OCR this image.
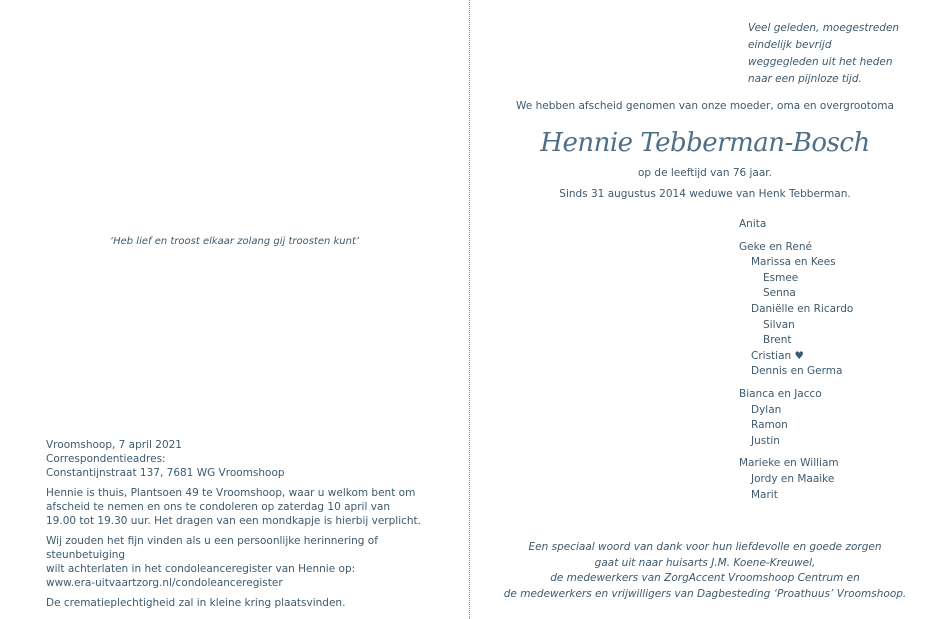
‘Heb lief en troost elkaar zolang gij troosten kunt’

Vroomshoop, 7 april 2021
Correspondentieadres:
Constantijnstraat 137, 7681 WG Vroomshoop

Hennie is thuis, Plantsoen 49 te Vroomshoop, waar u welkom bent om
afscheid te nemen en ons te condoleren op zaterdag 10 april van
19.00 tot 19.30 uur. Het dragen van een mondkapje is hierbij verplicht.

Wij zouden het fijn vinden als u een persoonlijke herinnering of steunbetuiging
wilt achterlaten in het condoleanceregister van Hennie op:
www.era-uitvaartzorg.nl/condoleanceregister

De crematieplechtigheid zal in kleine kring plaatsvinden.

Veel geleden, moegestreden
eindelijk bevrijd
weggegleden uit het heden
naar een pijnloze tijd.
We hebben afscheid genomen van onze moeder, oma en overgrootoma
Hennie Tebberman-Bosch
op de leeftijd van 76 jaar.
Sinds 31 augustus 2014 weduwe van Henk Tebberman.
Anita
Geke en René
Marissa en Kees
Esmee
Senna
Daniëlle en Ricardo
Silvan
Brent
Cristian ♥
Dennis en Germa
Bianca en Jacco
Dylan
Ramon
Justin
Marieke en William
Jordy en Maaike
Marit
Een speciaal woord van dank voor hun liefdevolle en goede zorgen
gaat uit naar huisarts J.M. Koene-Kreuwel,
de medewerkers van ZorgAccent Vroomshoop Centrum en
de medewerkers en vrijwilligers van Dagbesteding ‘Proathuus’ Vroomshoop.
